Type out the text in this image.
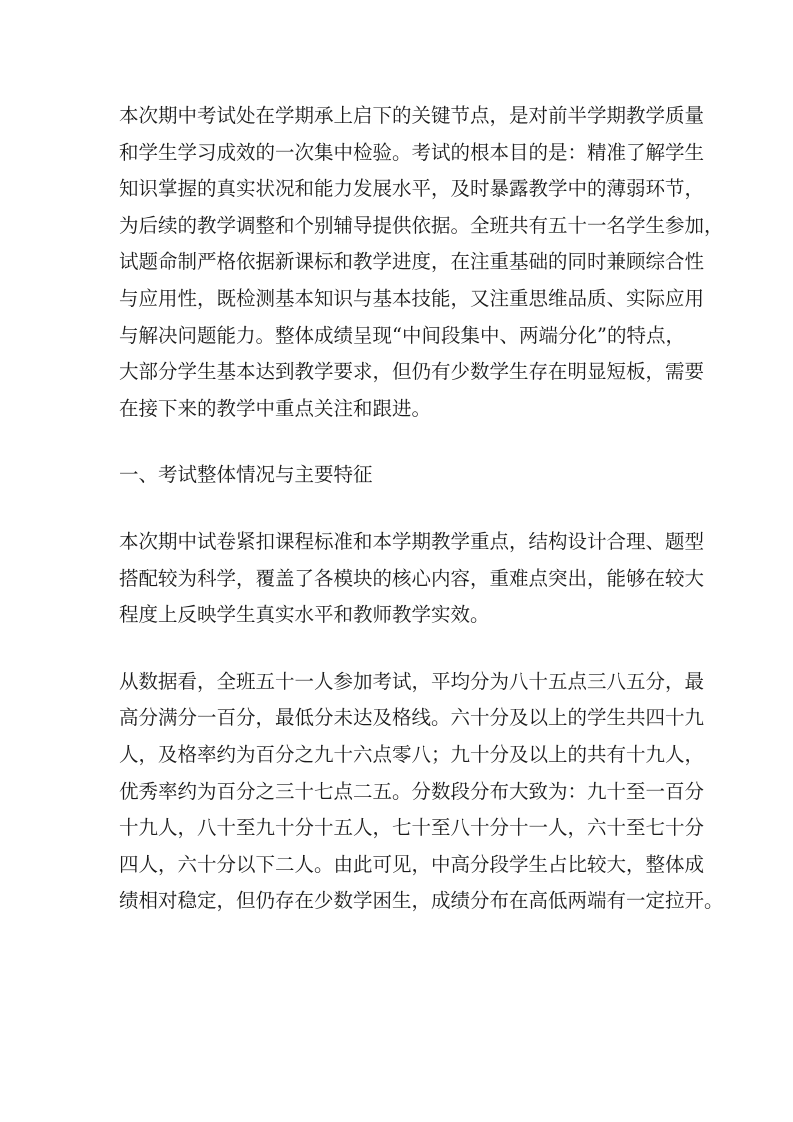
本次期中考试处在学期承上启下的关键节点，是对前半学期教学质量
和学生学习成效的一次集中检验。考试的根本目的是：精准了解学生
知识掌握的真实状况和能力发展水平，及时暴露教学中的薄弱环节，
为后续的教学调整和个别辅导提供依据。全班共有五十一名学生参加，
试题命制严格依据新课标和教学进度，在注重基础的同时兼顾综合性
与应用性，既检测基本知识与基本技能，又注重思维品质、实际应用
与解决问题能力。整体成绩呈现“中间段集中、两端分化”的特点，
大部分学生基本达到教学要求，但仍有少数学生存在明显短板，需要
在接下来的教学中重点关注和跟进。

一、考试整体情况与主要特征

本次期中试卷紧扣课程标准和本学期教学重点，结构设计合理、题型
搭配较为科学，覆盖了各模块的核心内容，重难点突出，能够在较大
程度上反映学生真实水平和教师教学实效。

从数据看，全班五十一人参加考试，平均分为八十五点三八五分，最
高分满分一百分，最低分未达及格线。六十分及以上的学生共四十九
人，及格率约为百分之九十六点零八；九十分及以上的共有十九人，
优秀率约为百分之三十七点二五。分数段分布大致为：九十至一百分
十九人，八十至九十分十五人，七十至八十分十一人，六十至七十分
四人，六十分以下二人。由此可见，中高分段学生占比较大，整体成
绩相对稳定，但仍存在少数学困生，成绩分布在高低两端有一定拉开。
